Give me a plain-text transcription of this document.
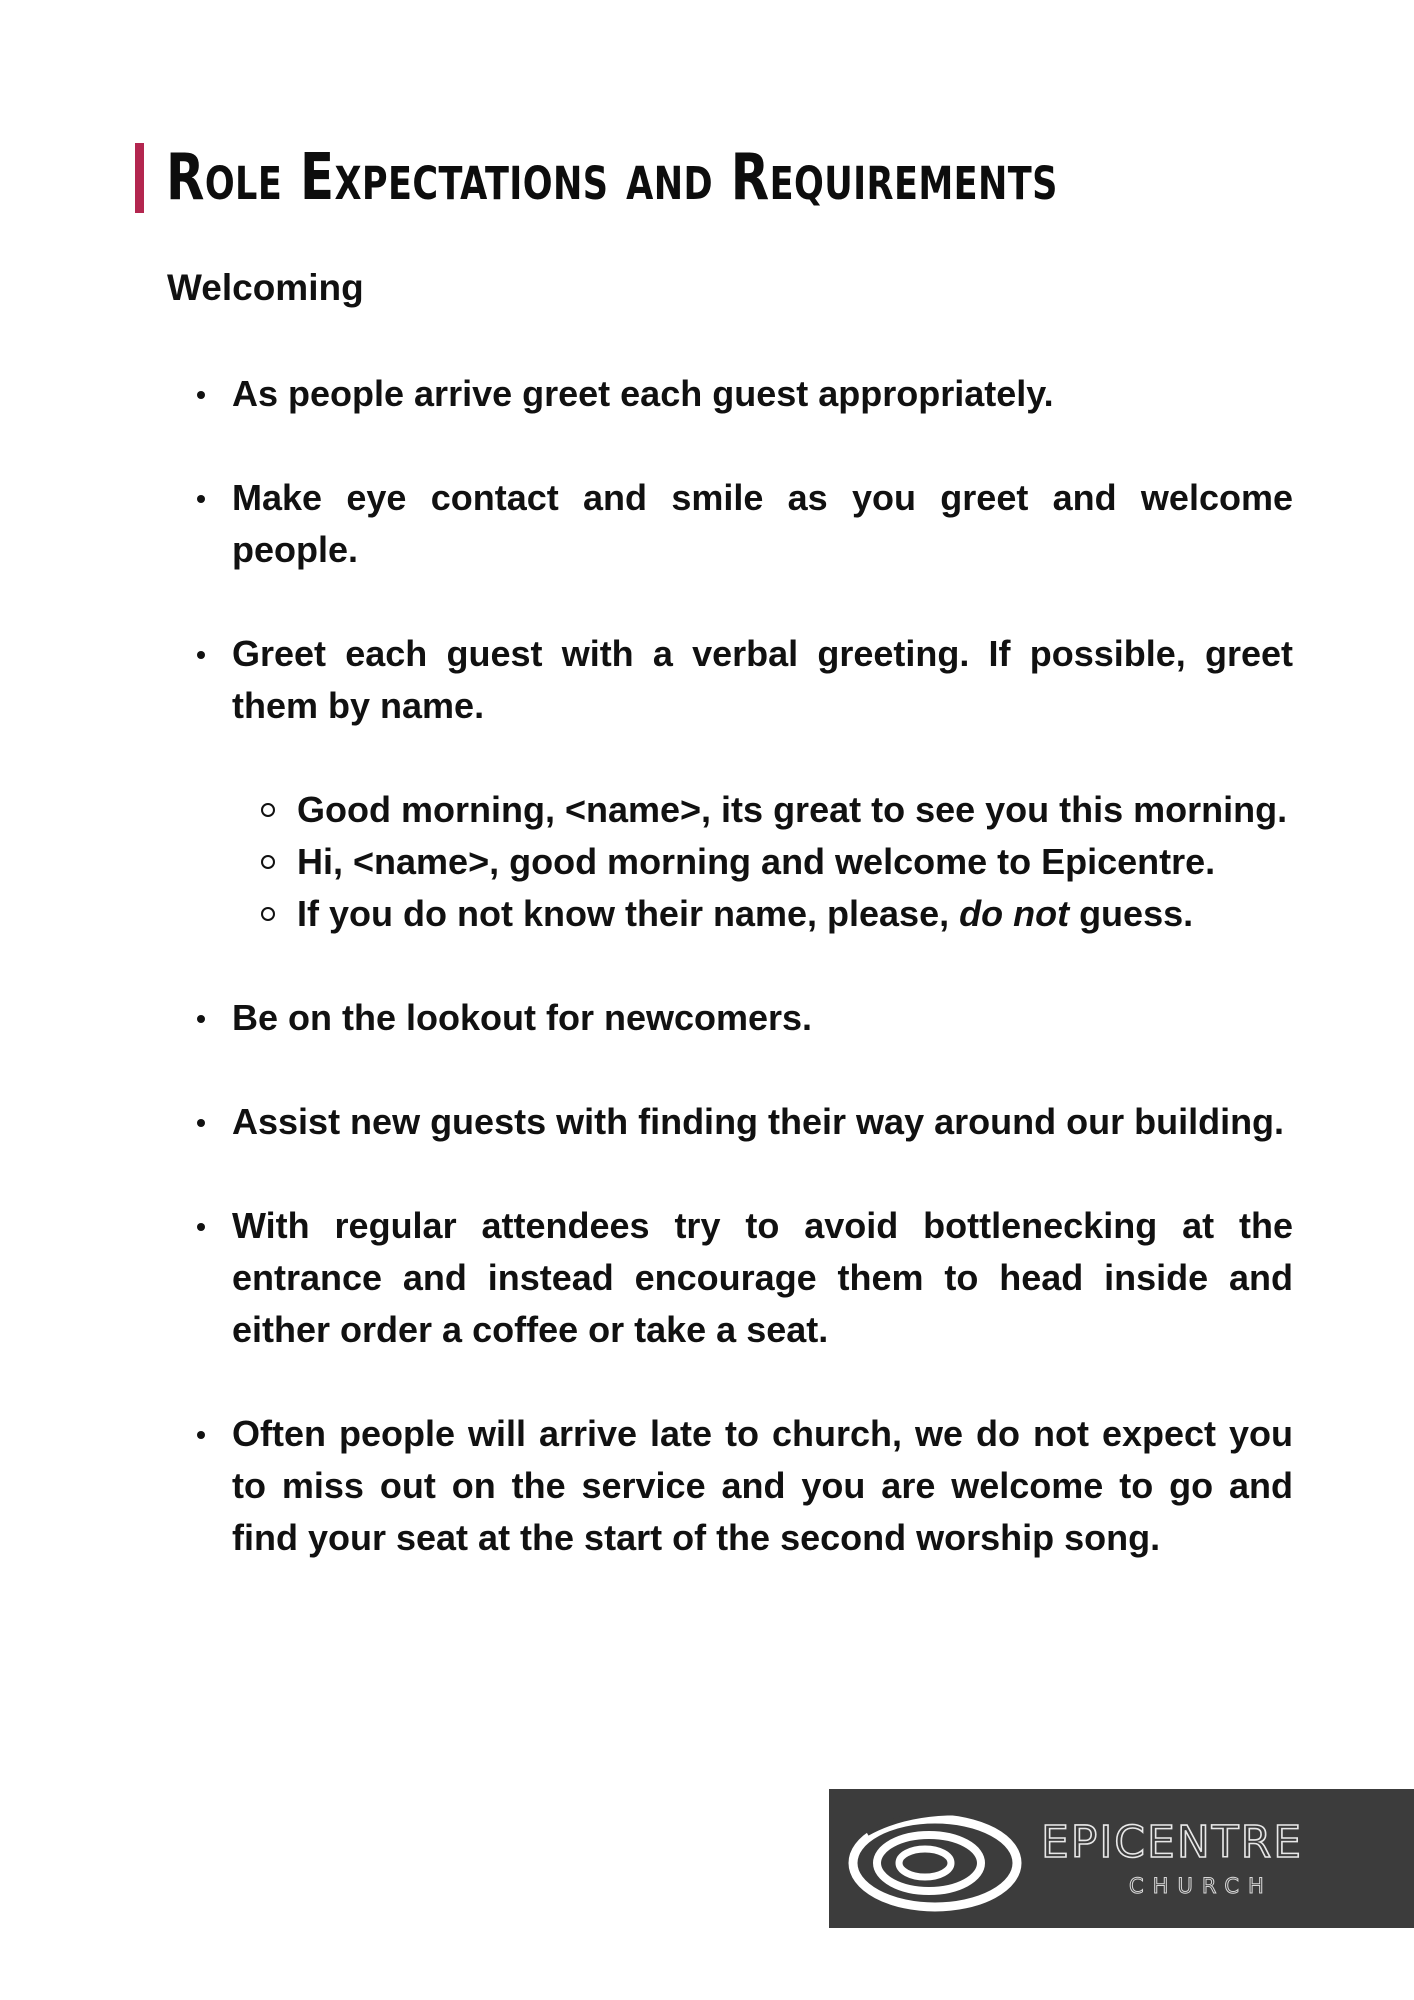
Role Expectations and Requirements
Welcoming
As people arrive greet each guest appropriately.
Make eye contact and smile as you greet and welcome people.
Greet each guest with a verbal greeting. If possible, greet them by name.
Good morning, <name>, its great to see you this morning.
Hi, <name>, good morning and welcome to Epicentre.
If you do not know their name, please, do not guess.
Be on the lookout for newcomers.
Assist new guests with finding their way around our building.
With regular attendees try to avoid bottlenecking at the entrance and instead encourage them to head inside and either order a coffee or take a seat.
Often people will arrive late to church, we do not expect you to miss out on the service and you are welcome to go and find your seat at the start of the second worship song.
EPICENTRE
CHURCH
